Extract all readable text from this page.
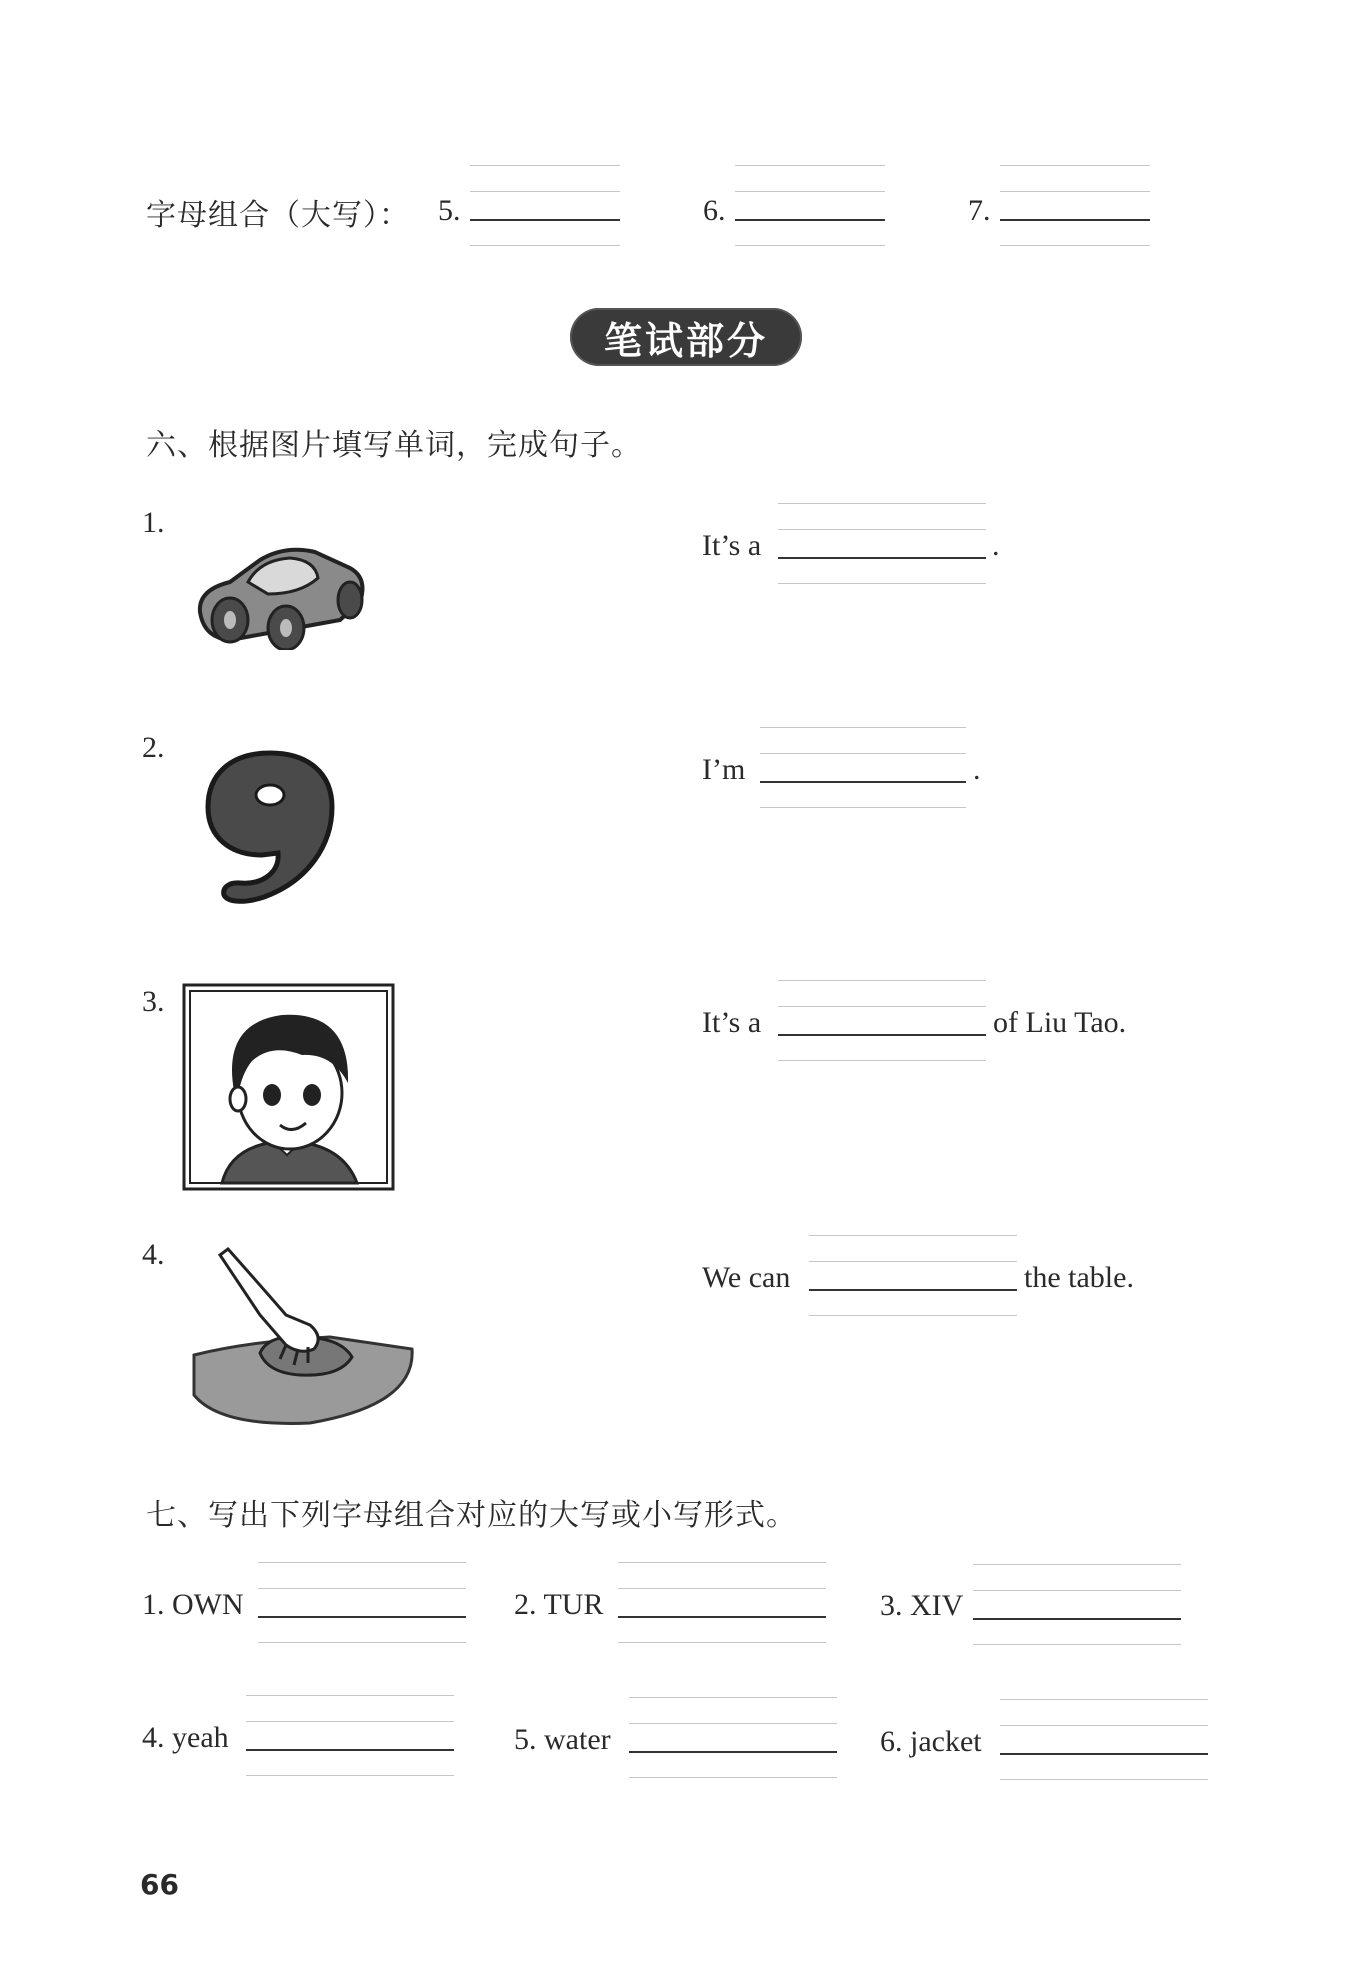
字母组合（大写）： 5.	6.	7.
笔试部分
六、根据图片填写单词，完成句子。
1.
It’s a	.
2.
I’m	.
3.
It’s a	of Liu Tao.
4.
We can	the table.
七、写出下列字母组合对应的大写或小写形式。
1. OWN	2. TUR	3. XIV
4. yeah	5. water	6. jacket
66
